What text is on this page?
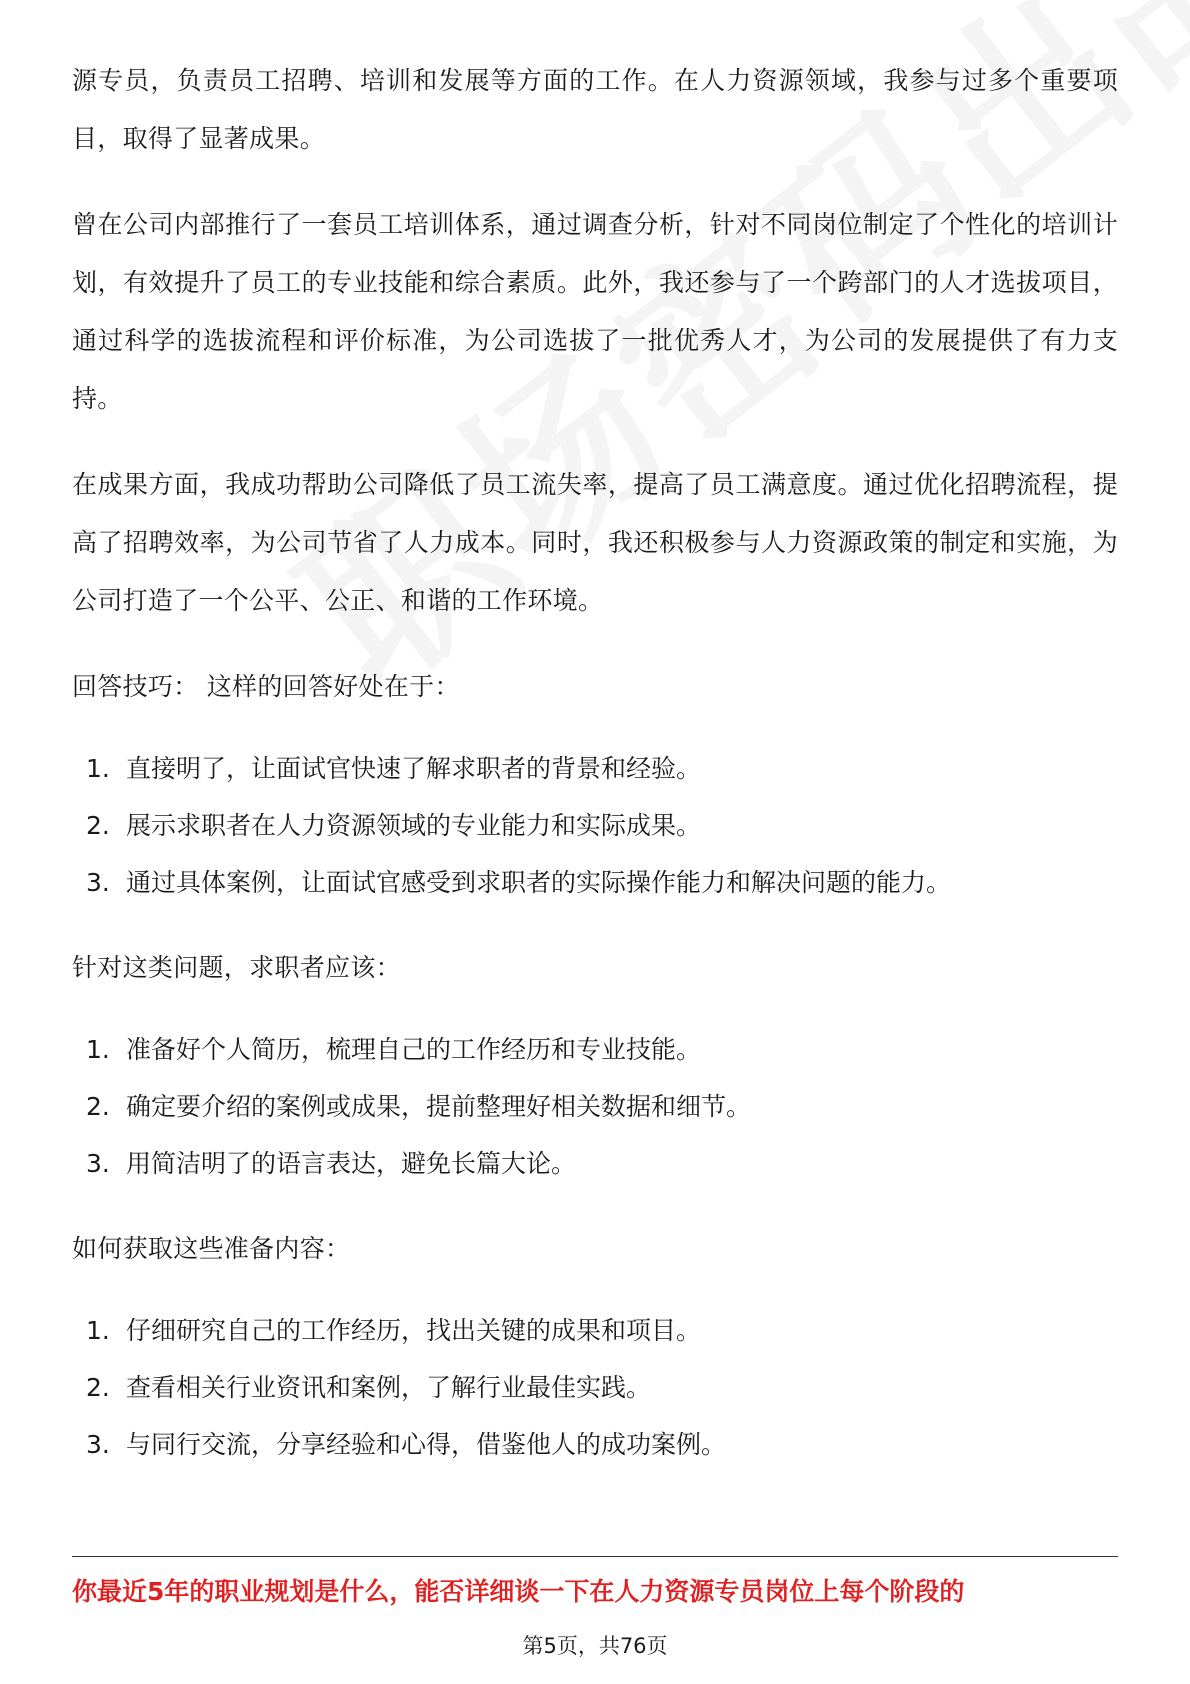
源专员，负责员工招聘、培训和发展等方面的工作。在人力资源领域，我参与过多个重要项目，取得了显著成果。

曾在公司内部推行了一套员工培训体系，通过调查分析，针对不同岗位制定了个性化的培训计划，有效提升了员工的专业技能和综合素质。此外，我还参与了一个跨部门的人才选拔项目，通过科学的选拔流程和评价标准，为公司选拔了一批优秀人才，为公司的发展提供了有力支持。

在成果方面，我成功帮助公司降低了员工流失率，提高了员工满意度。通过优化招聘流程，提高了招聘效率，为公司节省了人力成本。同时，我还积极参与人力资源政策的制定和实施，为公司打造了一个公平、公正、和谐的工作环境。

回答技巧： 这样的回答好处在于：

1. 直接明了，让面试官快速了解求职者的背景和经验。
2. 展示求职者在人力资源领域的专业能力和实际成果。
3. 通过具体案例，让面试官感受到求职者的实际操作能力和解决问题的能力。

针对这类问题，求职者应该：

1. 准备好个人简历，梳理自己的工作经历和专业技能。
2. 确定要介绍的案例或成果，提前整理好相关数据和细节。
3. 用简洁明了的语言表达，避免长篇大论。

如何获取这些准备内容：

1. 仔细研究自己的工作经历，找出关键的成果和项目。
2. 查看相关行业资讯和案例，了解行业最佳实践。
3. 与同行交流，分享经验和心得，借鉴他人的成功案例。
你最近5年的职业规划是什么，能否详细谈一下在人力资源专员岗位上每个阶段的
第5页，共76页
